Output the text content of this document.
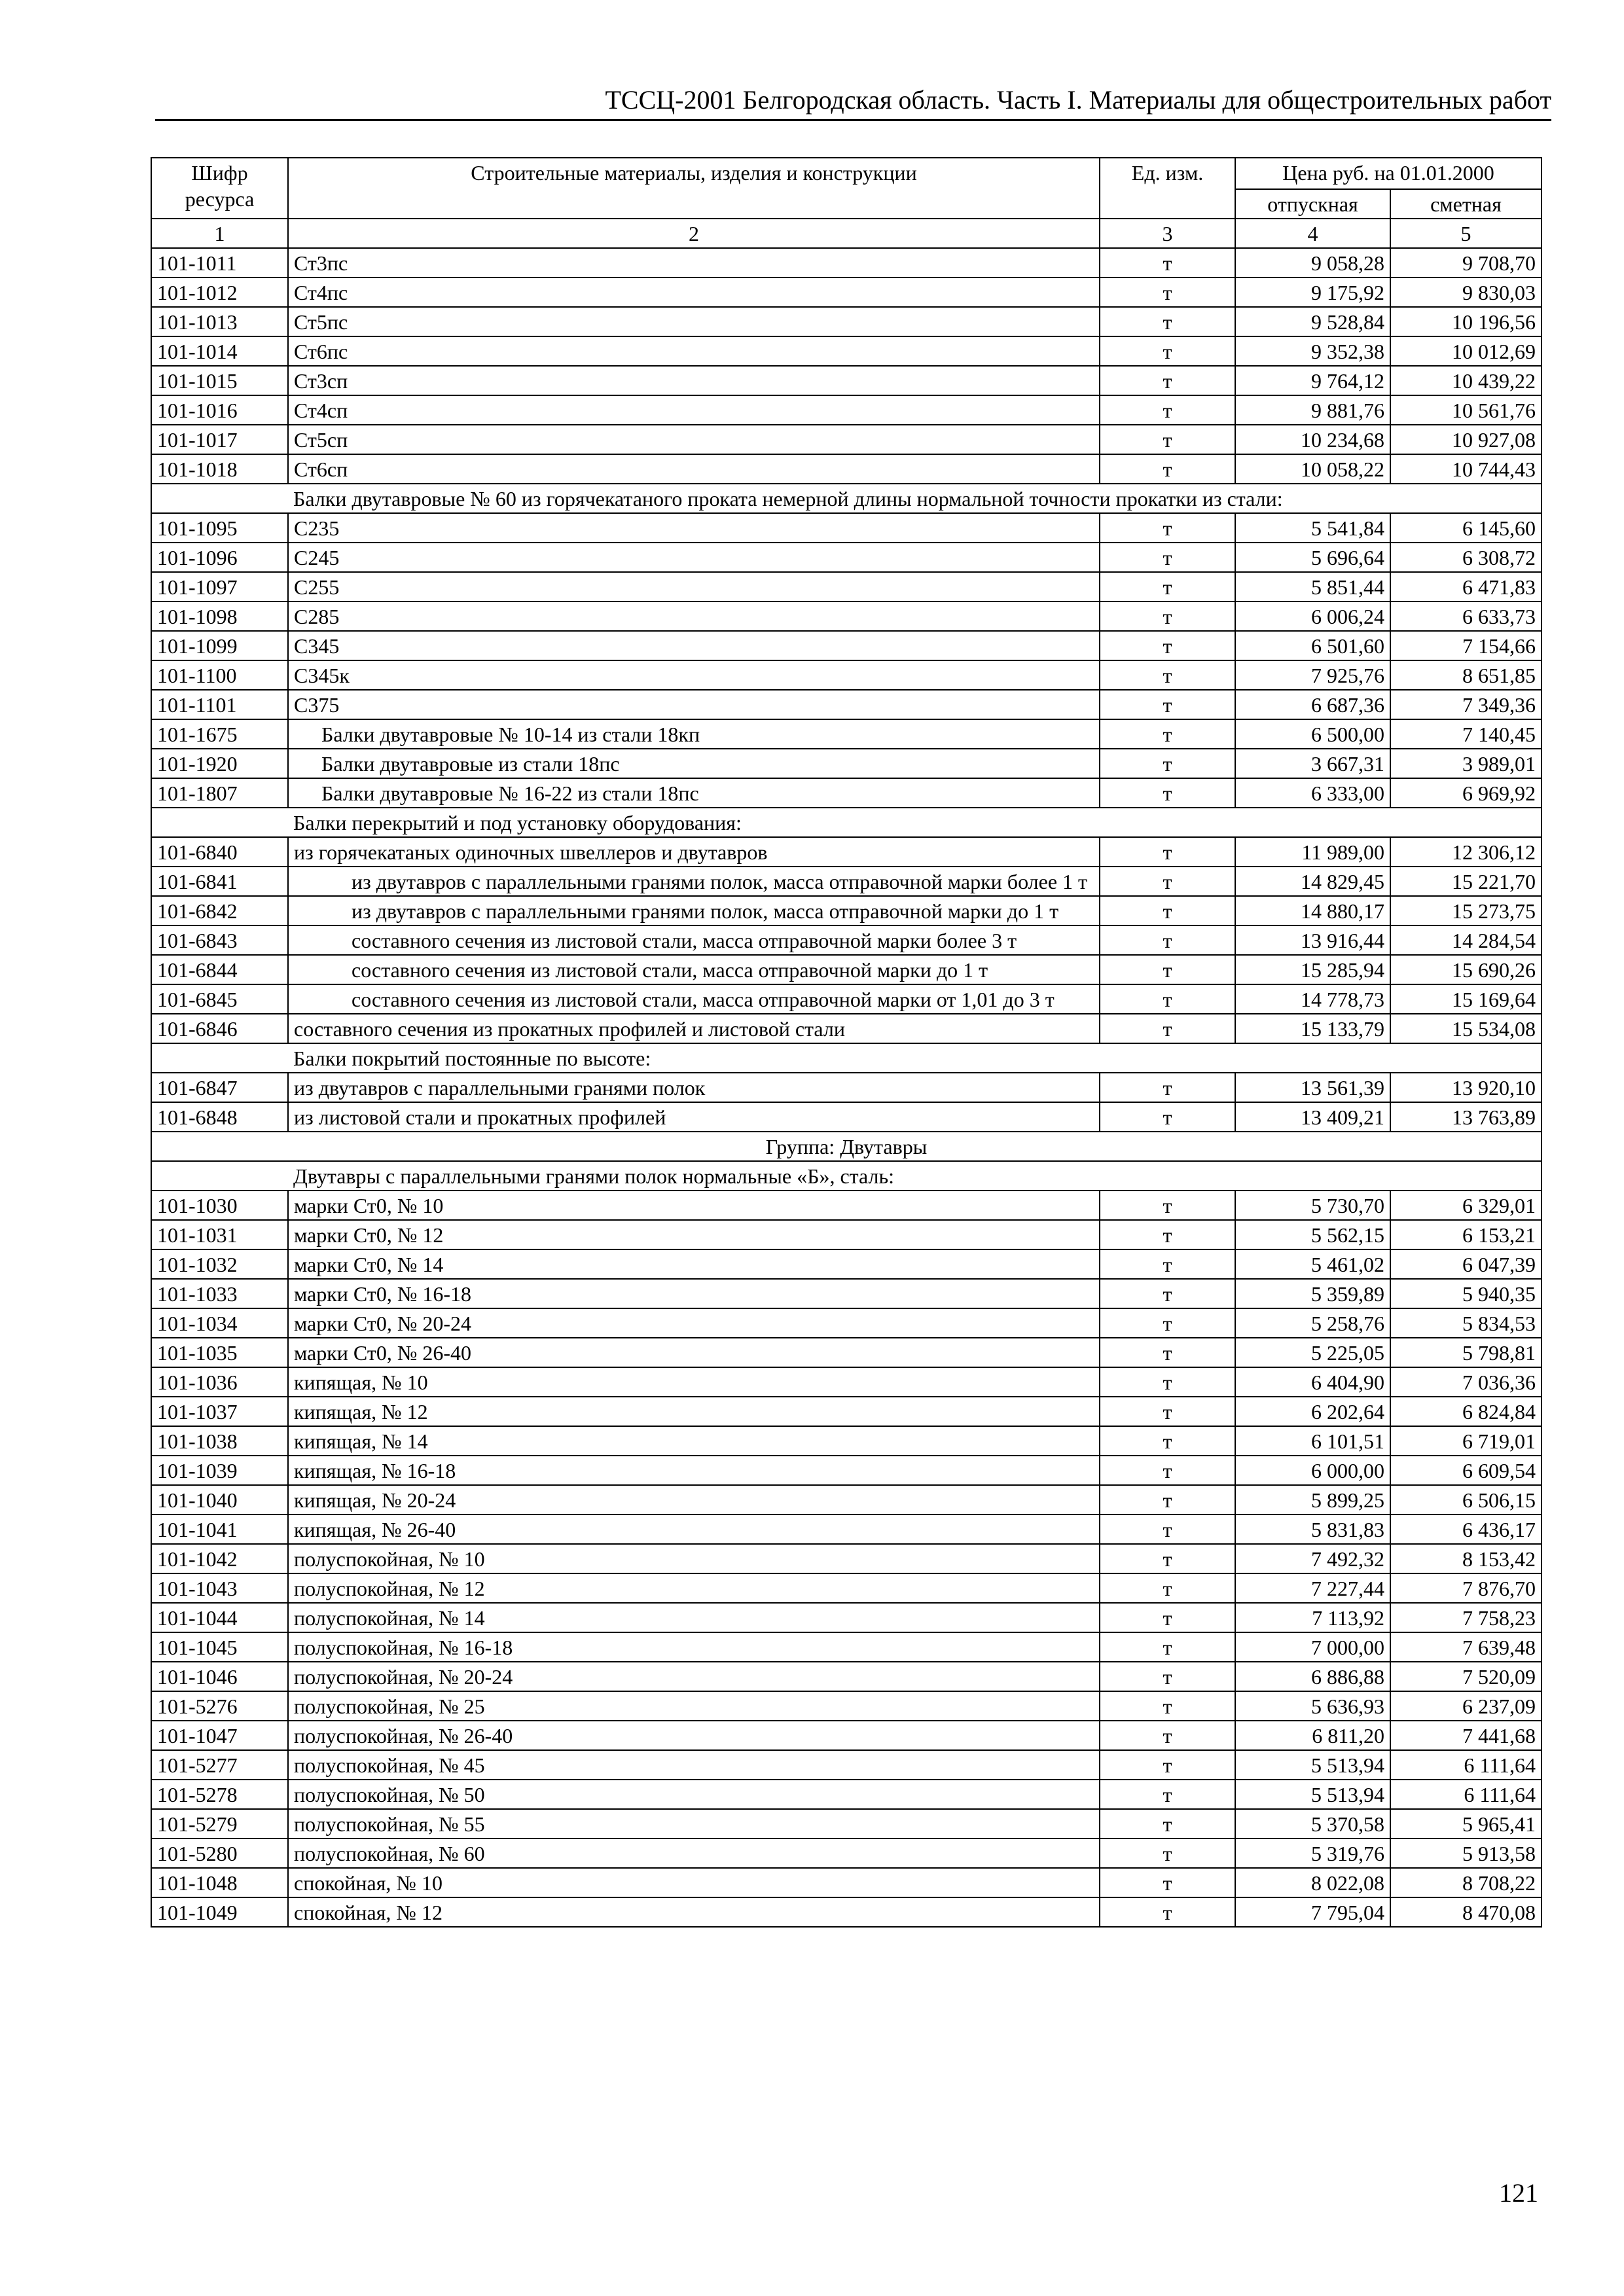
ТССЦ-2001 Белгородская область. Часть I. Материалы для общестроительных работ
Шифр ресурса	Строительные материалы, изделия и конструкции	Ед. изм.	Цена руб. на 01.01.2000	
			отпускная	сметная
1	2	3	4	5
101-1011	Ст3пс	т	9 058,28	9 708,70
101-1012	Ст4пс	т	9 175,92	9 830,03
101-1013	Ст5пс	т	9 528,84	10 196,56
101-1014	Ст6пс	т	9 352,38	10 012,69
101-1015	Ст3сп	т	9 764,12	10 439,22
101-1016	Ст4сп	т	9 881,76	10 561,76
101-1017	Ст5сп	т	10 234,68	10 927,08
101-1018	Ст6сп	т	10 058,22	10 744,43
	Балки двутавровые № 60 из горячекатаного проката немерной длины нормальной точности прокатки из стали:			
101-1095	С235	т	5 541,84	6 145,60
101-1096	С245	т	5 696,64	6 308,72
101-1097	С255	т	5 851,44	6 471,83
101-1098	С285	т	6 006,24	6 633,73
101-1099	С345	т	6 501,60	7 154,66
101-1100	С345к	т	7 925,76	8 651,85
101-1101	С375	т	6 687,36	7 349,36
101-1675	Балки двутавровые № 10-14 из стали 18кп	т	6 500,00	7 140,45
101-1920	Балки двутавровые из стали 18пс	т	3 667,31	3 989,01
101-1807	Балки двутавровые № 16-22 из стали 18пс	т	6 333,00	6 969,92
	Балки перекрытий и под установку оборудования:			
101-6840	из горячекатаных одиночных швеллеров и двутавров	т	11 989,00	12 306,12
101-6841	из двутавров с параллельными гранями полок, масса отправочной марки более 1 т	т	14 829,45	15 221,70
101-6842	из двутавров с параллельными гранями полок, масса отправочной марки до 1 т	т	14 880,17	15 273,75
101-6843	составного сечения из листовой стали, масса отправочной марки более 3 т	т	13 916,44	14 284,54
101-6844	составного сечения из листовой стали, масса отправочной марки до 1 т	т	15 285,94	15 690,26
101-6845	составного сечения из листовой стали, масса отправочной марки от 1,01 до 3 т	т	14 778,73	15 169,64
101-6846	составного сечения из прокатных профилей и листовой стали	т	15 133,79	15 534,08
	Балки покрытий постоянные по высоте:			
101-6847	из двутавров с параллельными гранями полок	т	13 561,39	13 920,10
101-6848	из листовой стали и прокатных профилей	т	13 409,21	13 763,89
Группа: Двутавры				
	Двутавры с параллельными гранями полок нормальные «Б», сталь:			
101-1030	марки Ст0, № 10	т	5 730,70	6 329,01
101-1031	марки Ст0, № 12	т	5 562,15	6 153,21
101-1032	марки Ст0, № 14	т	5 461,02	6 047,39
101-1033	марки Ст0, № 16-18	т	5 359,89	5 940,35
101-1034	марки Ст0, № 20-24	т	5 258,76	5 834,53
101-1035	марки Ст0, № 26-40	т	5 225,05	5 798,81
101-1036	кипящая, № 10	т	6 404,90	7 036,36
101-1037	кипящая, № 12	т	6 202,64	6 824,84
101-1038	кипящая, № 14	т	6 101,51	6 719,01
101-1039	кипящая, № 16-18	т	6 000,00	6 609,54
101-1040	кипящая, № 20-24	т	5 899,25	6 506,15
101-1041	кипящая, № 26-40	т	5 831,83	6 436,17
101-1042	полуспокойная, № 10	т	7 492,32	8 153,42
101-1043	полуспокойная, № 12	т	7 227,44	7 876,70
101-1044	полуспокойная, № 14	т	7 113,92	7 758,23
101-1045	полуспокойная, № 16-18	т	7 000,00	7 639,48
101-1046	полуспокойная, № 20-24	т	6 886,88	7 520,09
101-5276	полуспокойная, № 25	т	5 636,93	6 237,09
101-1047	полуспокойная, № 26-40	т	6 811,20	7 441,68
101-5277	полуспокойная, № 45	т	5 513,94	6 111,64
101-5278	полуспокойная, № 50	т	5 513,94	6 111,64
101-5279	полуспокойная, № 55	т	5 370,58	5 965,41
101-5280	полуспокойная, № 60	т	5 319,76	5 913,58
101-1048	спокойная, № 10	т	8 022,08	8 708,22
101-1049	спокойная, № 12	т	7 795,04	8 470,08
121
